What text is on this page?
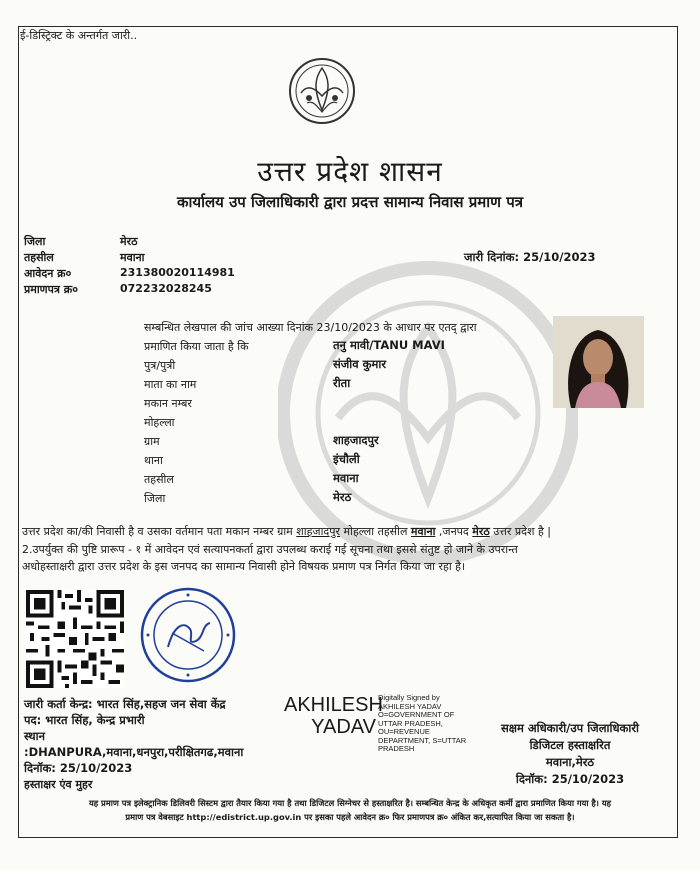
ई-डिस्ट्रिक्ट के अन्तर्गत जारी..
उत्तर प्रदेश शासन
कार्यालय उप जिलाधिकारी द्वारा प्रदत्त सामान्य निवास प्रमाण पत्र
जिला	मेरठ
तहसील	मवाना
आवेदन क्र०	231380020114981
प्रमाणपत्र क्र०	07223202824​5
जारी दिनांक: 25/10/2023
सम्बन्धित लेखपाल की जांच आख्या दिनांक 23/10/2023 के आधार पर एतद् द्वारा
प्रमाणित किया जाता है कि	तनु मावी/TANU MAVI
पुत्र/पुत्री	संजीव कुमार
माता का नाम	रीता
मकान नम्बर
मोहल्ला
ग्राम	शाहजादपुर
थाना	इंचौली
तहसील	मवाना
जिला	मेरठ
उत्तर प्रदेश का/की निवासी है व उसका वर्तमान पता मकान नम्बर ग्राम शाहजादपुर मोहल्ला तहसील मवाना ,जनपद मेरठ उत्तर प्रदेश है |
2.उपर्युक्त की पुष्टि प्रारूप - १ में आवेदन एवं सत्यापनकर्ता द्वारा उपलब्ध कराई गई सूचना तथा इससे संतुष्ट हो जाने के उपरान्त
अधोहस्ताक्षरी द्वारा उत्तर प्रदेश के इस जनपद का सामान्य निवासी होने विषयक प्रमाण पत्र निर्गत किया जा रहा है।
जारी कर्ता केन्द्र: भारत सिंह,सहज जन सेवा केंद्र
पद: भारत सिंह, केन्द्र प्रभारी
स्थान
:DHANPURA,मवाना,धनपुरा,परीक्षितगढ,मवाना
दिनॉक: 25/10/2023
हस्ताक्षर एंव मुहर
AKHILESH
YADAV
Digitally Signed by
AKHILESH YADAV
O=GOVERNMENT OF
UTTAR PRADESH,
OU=REVENUE
DEPARTMENT, S=UTTAR
PRADESH
सक्षम अधिकारी/उप जिलाधिकारी
डिजिटल हस्ताक्षरित
मवाना,मेरठ
दिनॉक: 25/10/2023
यह प्रमाण पत्र इलेक्ट्रानिक डिलिवरी सिस्टम द्वारा तैयार किया गया है तथा डिजिटल सिग्नेचर से हस्ताक्षरित है। सम्बन्धित केन्द्र के अधिकृत कर्मी द्वारा प्रमाणित किया गया है। यह
प्रमाण पत्र वेबसाइट http://edistrict.up.gov.in पर इसका पहले आवेदन क्र० फिर प्रमाणपत्र क्र० अंकित कर,सत्यापित किया जा सकता है।
